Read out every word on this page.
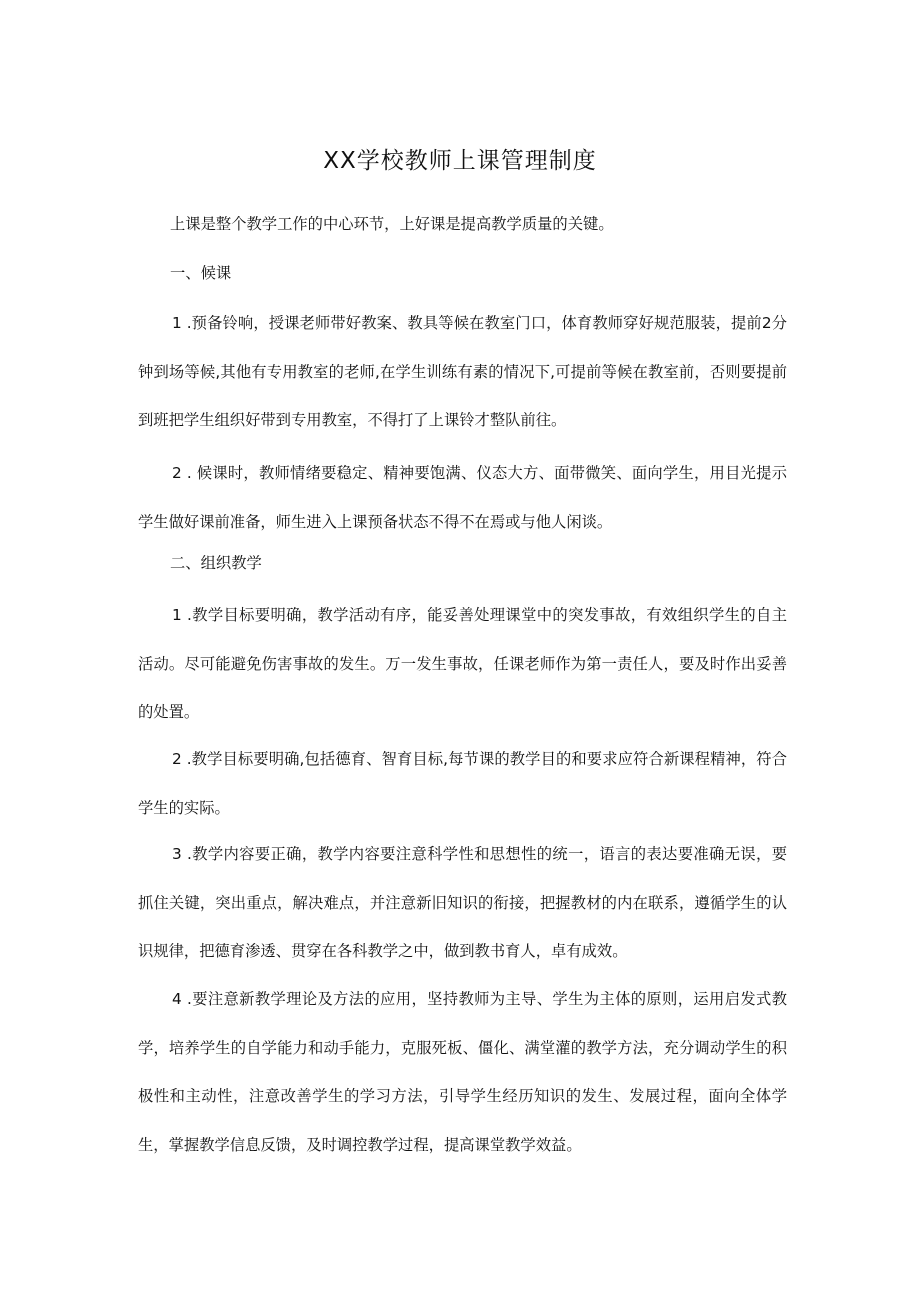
XX学校教师上课管理制度

上课是整个教学工作的中心环节，上好课是提高教学质量的关键。

一、候课

1 .预备铃响，授课老师带好教案、教具等候在教室门口，体育教师穿好规范服装，提前2分钟到场等候,其他有专用教室的老师,在学生训练有素的情况下,可提前等候在教室前，否则要提前到班把学生组织好带到专用教室，不得打了上课铃才整队前往。

2 . 候课时，教师情绪要稳定、精神要饱满、仪态大方、面带微笑、面向学生，用目光提示学生做好课前准备，师生进入上课预备状态不得不在焉或与他人闲谈。

二、组织教学

1 .教学目标要明确，教学活动有序，能妥善处理课堂中的突发事故，有效组织学生的自主活动。尽可能避免伤害事故的发生。万一发生事故，任课老师作为第一责任人，要及时作出妥善的处置。

2 .教学目标要明确,包括德育、智育目标,每节课的教学目的和要求应符合新课程精神，符合学生的实际。

3 .教学内容要正确，教学内容要注意科学性和思想性的统一，语言的表达要准确无误，要抓住关键，突出重点，解决难点，并注意新旧知识的衔接，把握教材的内在联系，遵循学生的认识规律，把德育渗透、贯穿在各科教学之中，做到教书育人，卓有成效。

4 .要注意新教学理论及方法的应用，坚持教师为主导、学生为主体的原则，运用启发式教学，培养学生的自学能力和动手能力，克服死板、僵化、满堂灌的教学方法，充分调动学生的积极性和主动性，注意改善学生的学习方法，引导学生经历知识的发生、发展过程，面向全体学生，掌握教学信息反馈，及时调控教学过程，提高课堂教学效益。
